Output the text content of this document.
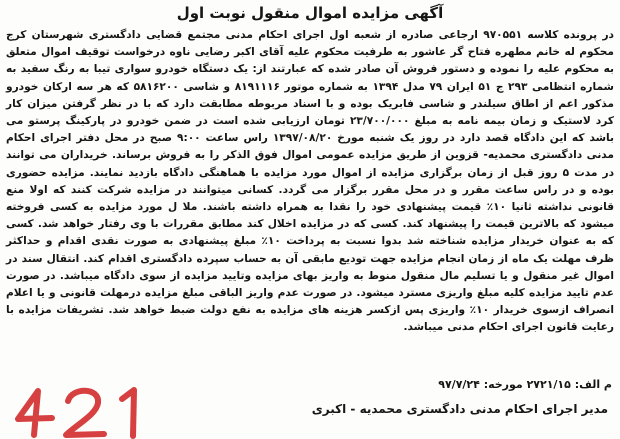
آگهی مزایده اموال منقول نوبت اول
در پرونده کلاسه ۹۷۰۵۵۱ ارجاعی صادره از شعبه اول اجرای احکام مدنی مجتمع قضایی دادگستری شهرستان کرج محکوم له خانم مطهره فتاح گر عاشور به طرفیت محکوم علیه آقای اکبر رضایی ناوه درخواست توقیف اموال متعلق به محکوم علیه را نموده و دستور فروش آن صادر شده که عبارتند از: یک دستگاه خودرو سواری تیبا به رنگ سفید به شماره انتظامی ۲۹۳ ج ۵۱ ایران ۷۹ مدل ۱۳۹۴ به شماره موتور ۸۱۹۱۱۱۶ و شاسی ۵۸۱۶۲۰۰ که هر سه ارکان خودرو مذکور اعم از اطاق سیلندر و شاسی فابریک بوده و با اسناد مربوطه مطابقت دارد که با در نظر گرفتن میزان کار کرد لاستیک و زمان بیمه نامه به مبلغ ۲۳/۷۰۰/۰۰۰ تومان ارزیابی شده است در ضمن خودرو در پارکینگ پرستو می باشد که این دادگاه قصد دارد در روز یک شنبه مورخ ۱۳۹۷/۰۸/۲۰ راس ساعت ۹:۰۰ صبح در محل دفتر اجرای احکام مدنی دادگستری محمدیه- قزوین از طریق مزایده عمومی اموال فوق الذکر را به فروش برساند. خریداران می توانند در مدت ۵ روز قبل از زمان برگزاری مزایده از اموال مورد مزایده با هماهنگی دادگاه بازدید نمایند. مزایده حضوری بوده و در راس ساعت مقرر و در محل مقرر برگزار می گردد. کسانی میتوانند در مزایده شرکت کنند که اولا منع قانونی نداشته ثانیا ۱۰٪ قیمت پیشنهادی خود را نقدا به همراه داشته باشند. ملا ل مورد مزایده به کسی فروخته میشود که بالاترین قیمت را پیشنهاد کند. کسی که در مزایده اخلال کند مطابق مقررات با وی رفتار خواهد شد. کسی که به عنوان خریدار مزایده شناخته شد بدوا نسبت به پرداخت ۱۰٪ مبلغ پیشنهادی به صورت نقدی اقدام و حداکثر ظرف مهلت یک ماه از زمان انجام مزایده جهت تودیع مابقی آن به حساب سپرده دادگستری اقدام کند. انتقال سند در اموال غیر منقول و یا تسلیم مال منقول منوط به واریز بهای مزایده وتایید مزایده از سوی دادگاه میباشد. در صورت عدم تایید مزایده کلیه مبلغ واریزی مسترد میشود. در صورت عدم واریز الباقی مبلغ مزایده درمهلت قانونی و یا اعلام انصراف ازسوی خریدار ۱۰٪ واریزی پس ازکسر هزینه های مزایده به نفع دولت ضبط خواهد شد. تشریفات مزایده با رعایت قانون اجرای احکام مدنی میباشد.
م الف: ۲۷۲۱/۱۵ مورخه: ۹۷/۷/۲۴
مدیر اجرای احکام مدنی دادگستری محمدیه - اکبری
